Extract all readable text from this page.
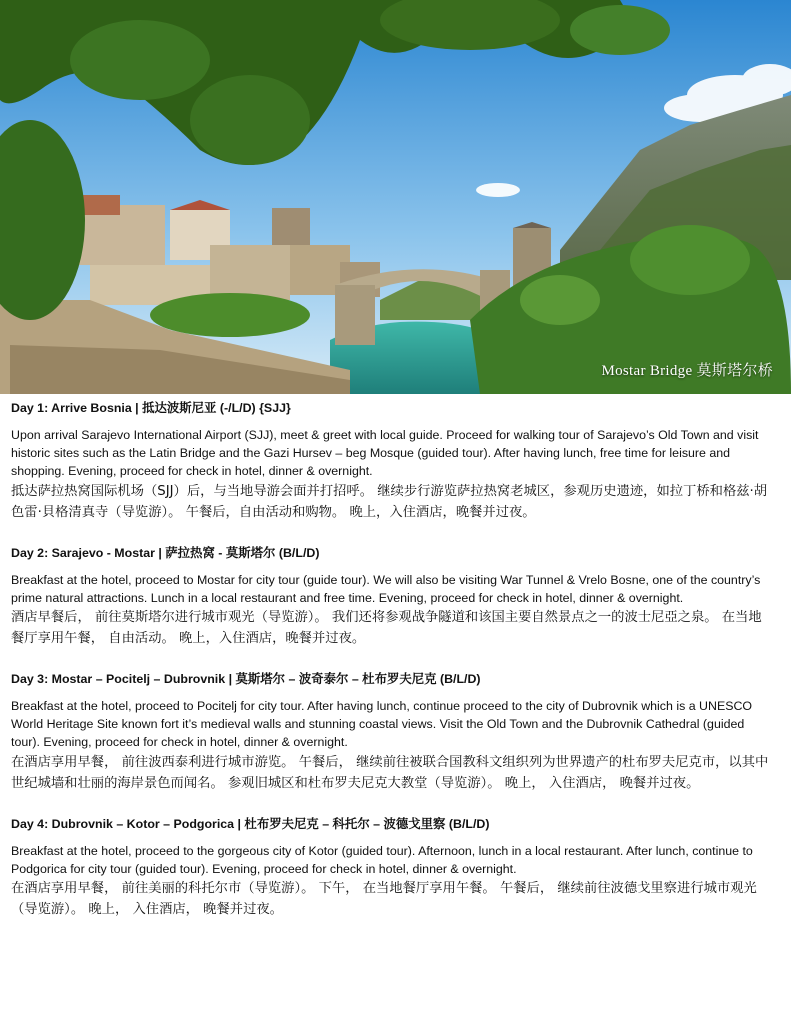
Mostar Bridge 莫斯塔尔桥

Day 1: Arrive Bosnia | 抵达波斯尼亚 (-/L/D) {SJJ}

Upon arrival Sarajevo International Airport (SJJ), meet & greet with local guide. Proceed for walking tour of Sarajevo’s Old Town and visit historic sites such as the Latin Bridge and the Gazi Hursev – beg Mosque (guided tour). After having lunch, free time for leisure and shopping. Evening, proceed for check in hotel, dinner & overnight.

抵达萨拉热窝国际机场（SJJ）后，与当地导游会面并打招呼。 继续步行游览萨拉热窝老城区，参观历史遗迹，如拉丁桥和格兹·胡色雷·貝格清真寺（导览游）。 午餐后，自由活动和购物。 晚上，入住酒店，晚餐并过夜。

Day 2: Sarajevo - Mostar | 萨拉热窝 - 莫斯塔尔 (B/L/D)

Breakfast at the hotel, proceed to Mostar for city tour (guide tour). We will also be visiting War Tunnel & Vrelo Bosne, one of the country’s prime natural attractions. Lunch in a local restaurant and free time. Evening, proceed for check in hotel, dinner & overnight.

酒店早餐后， 前往莫斯塔尔进行城市观光（导览游）。 我们还将参观战争隧道和该国主要自然景点之一的波士尼亞之泉。 在当地餐厅享用午餐， 自由活动。 晚上，入住酒店，晚餐并过夜。

Day 3: Mostar – Pocitelj – Dubrovnik | 莫斯塔尔 – 波奇泰尔 – 杜布罗夫尼克 (B/L/D)

Breakfast at the hotel, proceed to Pocitelj for city tour. After having lunch, continue proceed to the city of Dubrovnik which is a UNESCO World Heritage Site known fort it’s medieval walls and stunning coastal views. Visit the Old Town and the Dubrovnik Cathedral (guided tour). Evening, proceed for check in hotel, dinner & overnight.

在酒店享用早餐， 前往波西泰利进行城市游览。 午餐后， 继续前往被联合国教科文组织列为世界遗产的杜布罗夫尼克市，以其中世纪城墙和壮丽的海岸景色而闻名。 参观旧城区和杜布罗夫尼克大教堂（导览游）。 晚上， 入住酒店， 晚餐并过夜。

Day 4: Dubrovnik – Kotor – Podgorica | 杜布罗夫尼克 – 科托尔 – 波德戈里察 (B/L/D)

Breakfast at the hotel, proceed to the gorgeous city of Kotor (guided tour). Afternoon, lunch in a local restaurant. After lunch, continue to Podgorica for city tour (guided tour). Evening, proceed for check in hotel, dinner & overnight.

在酒店享用早餐， 前往美丽的科托尔市（导览游）。 下午， 在当地餐厅享用午餐。 午餐后， 继续前往波德戈里察进行城市观光（导览游）。 晚上， 入住酒店， 晚餐并过夜。
